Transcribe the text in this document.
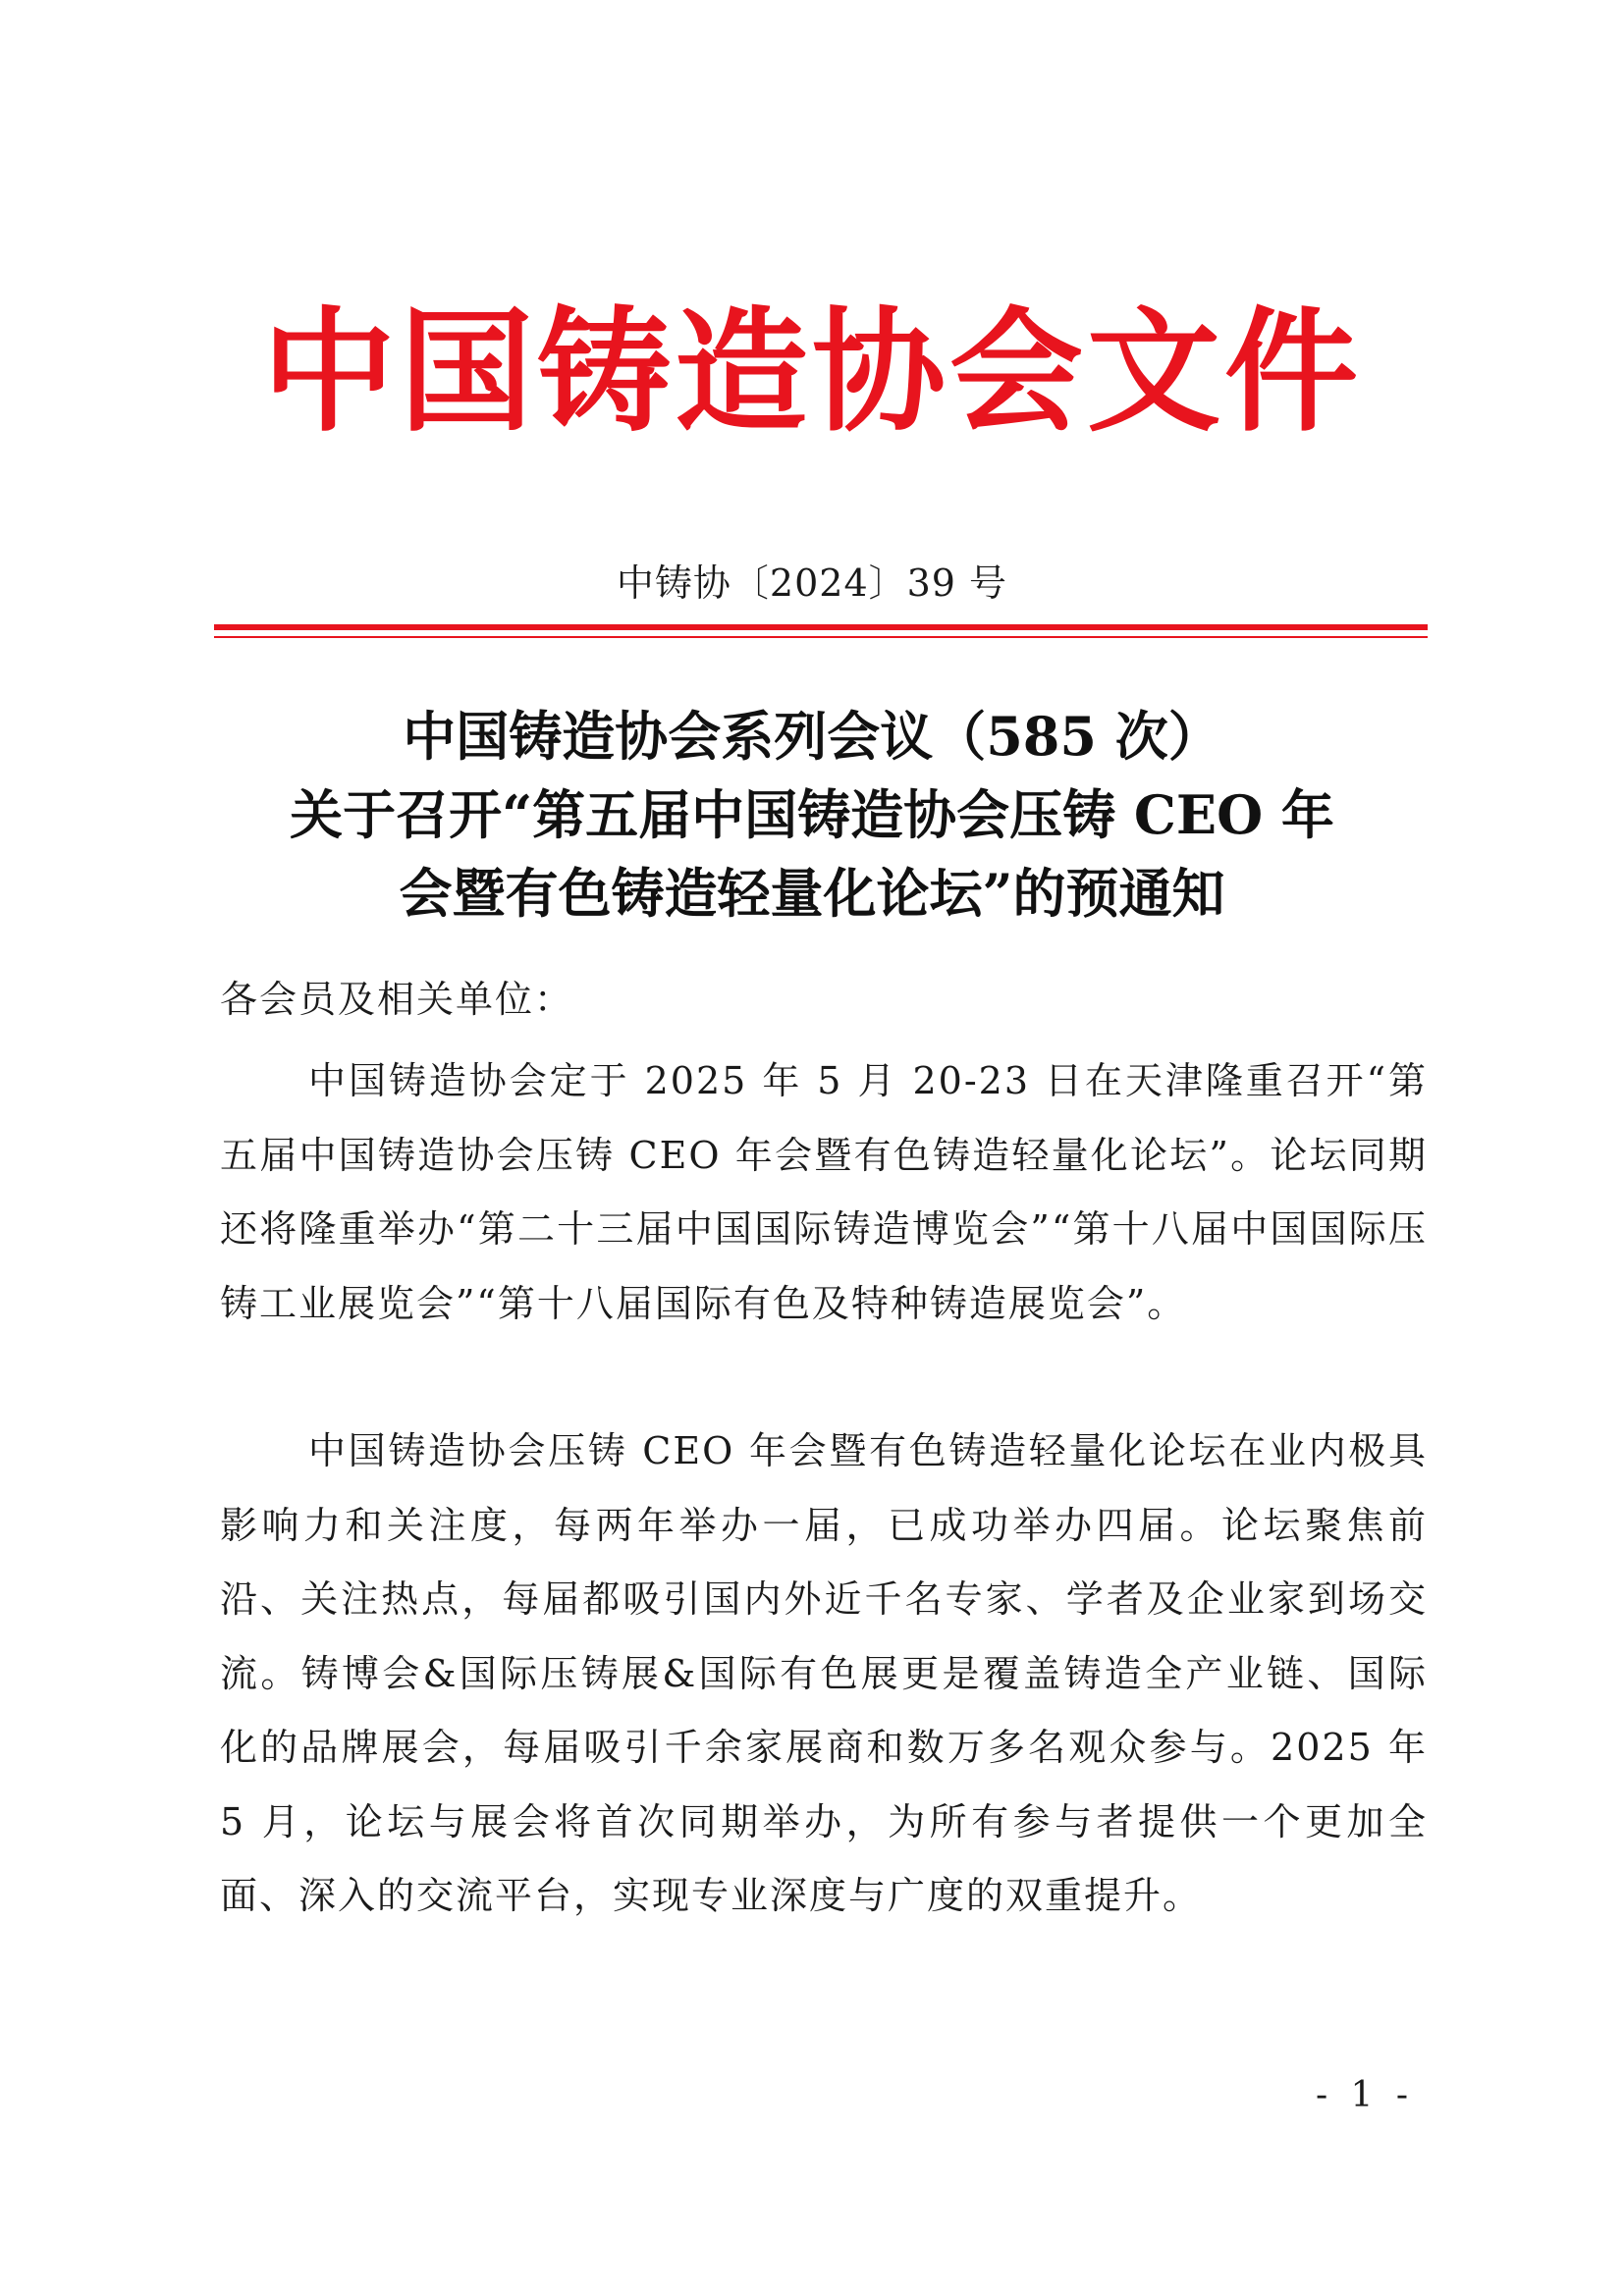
中国铸造协会文件
中铸协〔2024〕39 号
中国铸造协会系列会议（585 次）
关于召开“第五届中国铸造协会压铸 CEO 年
会暨有色铸造轻量化论坛”的预通知
各会员及相关单位：

中国铸造协会定于 2025 年 5 月 20-23 日在天津隆重召开“第五届中国铸造协会压铸 CEO 年会暨有色铸造轻量化论坛”。论坛同期还将隆重举办“第二十三届中国国际铸造博览会”“第十八届中国国际压铸工业展览会”“第十八届国际有色及特种铸造展览会”。

中国铸造协会压铸 CEO 年会暨有色铸造轻量化论坛在业内极具影响力和关注度，每两年举办一届，已成功举办四届。论坛聚焦前沿、关注热点，每届都吸引国内外近千名专家、学者及企业家到场交流。铸博会&国际压铸展&国际有色展更是覆盖铸造全产业链、国际化的品牌展会，每届吸引千余家展商和数万多名观众参与。2025 年 5 月，论坛与展会将首次同期举办，为所有参与者提供一个更加全面、深入的交流平台，实现专业深度与广度的双重提升。

- 1 -
